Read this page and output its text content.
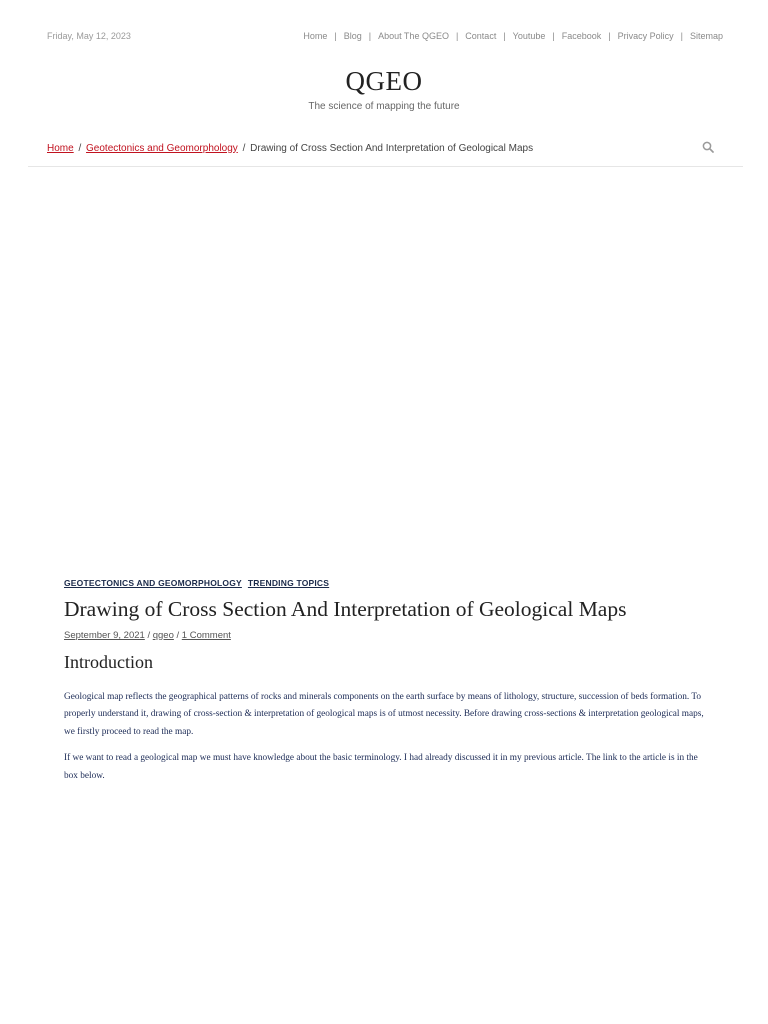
Friday, May 12, 2023	Home | Blog | About The QGEO | Contact | Youtube | Facebook | Privacy Policy | Sitemap
QGEO
The science of mapping the future
Home / Geotectonics and Geomorphology / Drawing of Cross Section And Interpretation of Geological Maps
GEOTECTONICS AND GEOMORPHOLOGY TRENDING TOPICS
Drawing of Cross Section And Interpretation of Geological Maps
September 9, 2021 / qgeo / 1 Comment
Introduction

Geological map reflects the geographical patterns of rocks and minerals components on the earth surface by means of lithology, structure, succession of beds formation. To properly understand it, drawing of cross-section & interpretation of geological maps is of utmost necessity. Before drawing cross-sections & interpretation geological maps, we firstly proceed to read the map.

If we want to read a geological map we must have knowledge about the basic terminology. I had already discussed it in my previous article. The link to the article is in the box below.
